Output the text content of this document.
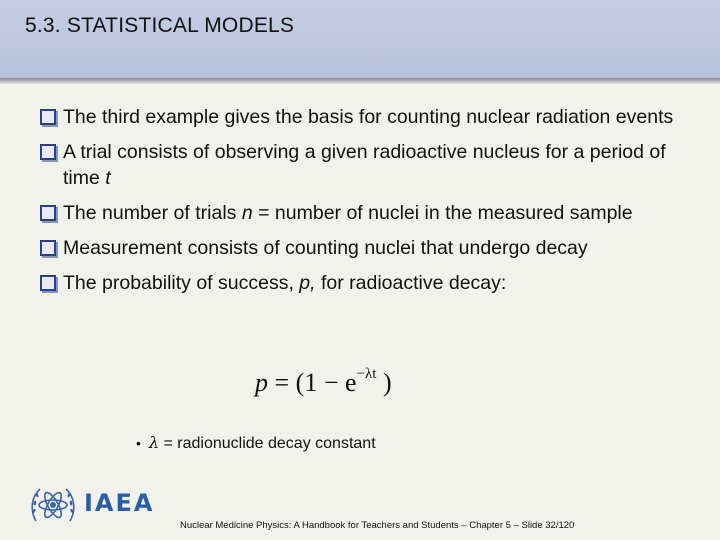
5.3. STATISTICAL MODELS
The third example gives the basis for counting nuclear radiation events
A trial consists of observing a given radioactive nucleus for a period of time t
The number of trials n = number of nuclei in the measured sample
Measurement consists of counting nuclei that undergo decay
The probability of success, p, for radioactive decay:
$p = (1 - e^{-\lambda t}$ )
• λ = radionuclide decay constant
IAEA
Nuclear Medicine Physics: A Handbook for Teachers and Students – Chapter 5 – Slide 32/120
